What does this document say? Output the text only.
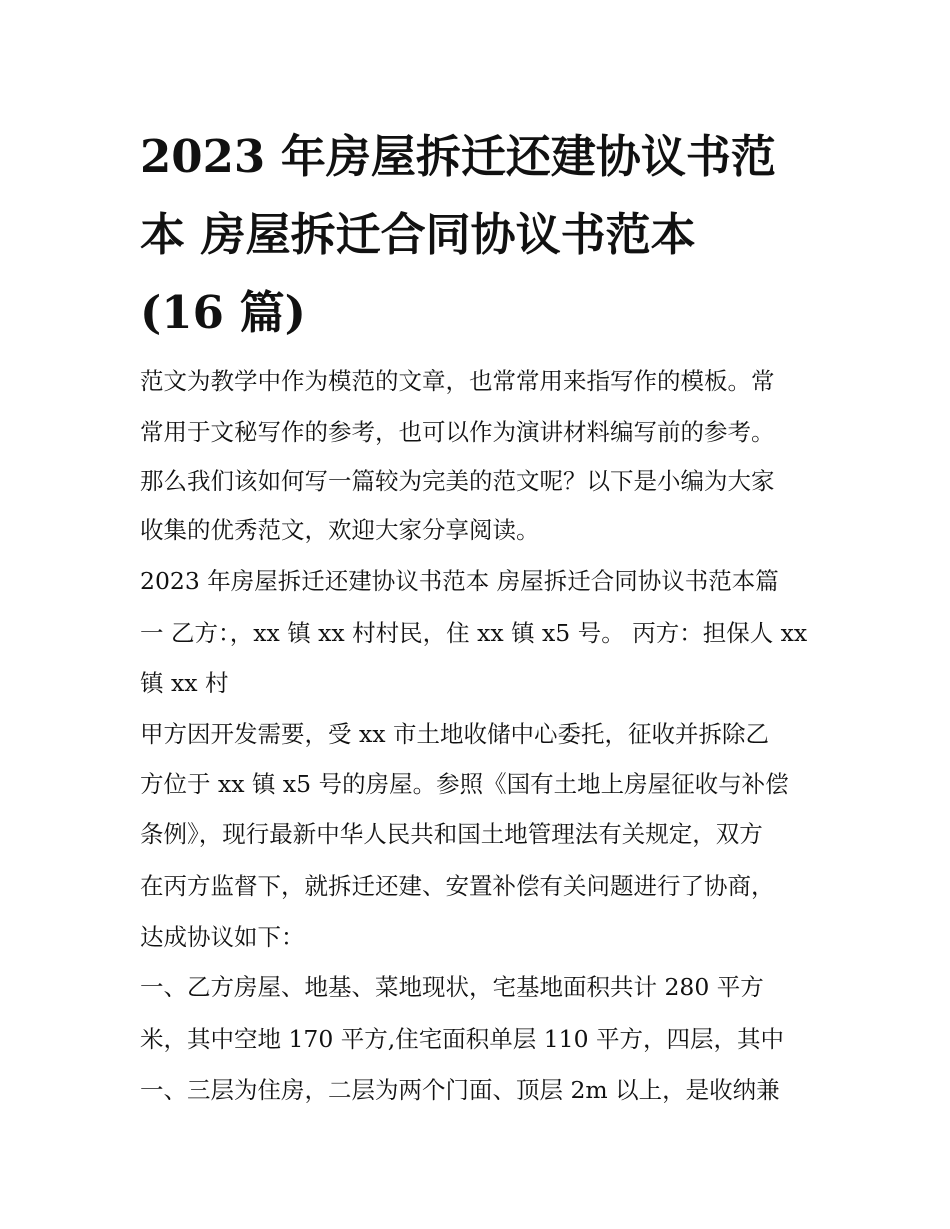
2023 年房屋拆迁还建协议书范
本 房屋拆迁合同协议书范本
(16 篇)

范文为教学中作为模范的文章，也常常用来指写作的模板。常

常用于文秘写作的参考，也可以作为演讲材料编写前的参考。

那么我们该如何写一篇较为完美的范文呢？以下是小编为大家

收集的优秀范文，欢迎大家分享阅读。

2023 年房屋拆迁还建协议书范本 房屋拆迁合同协议书范本篇

一 乙方：，xx 镇 xx 村村民，住 xx 镇 x5 号。 丙方：担保人 xx

镇 xx 村

甲方因开发需要，受 xx 市土地收储中心委托，征收并拆除乙

方位于 xx 镇 x5 号的房屋。参照《国有土地上房屋征收与补偿

条例》，现行最新中华人民共和国土地管理法有关规定，双方

在丙方监督下，就拆迁还建、安置补偿有关问题进行了协商，

达成协议如下：

一、乙方房屋、地基、菜地现状，宅基地面积共计 280 平方

米，其中空地 170 平方,住宅面积单层 110 平方，四层，其中

一、三层为住房，二层为两个门面、顶层 2m 以上，是收纳兼
